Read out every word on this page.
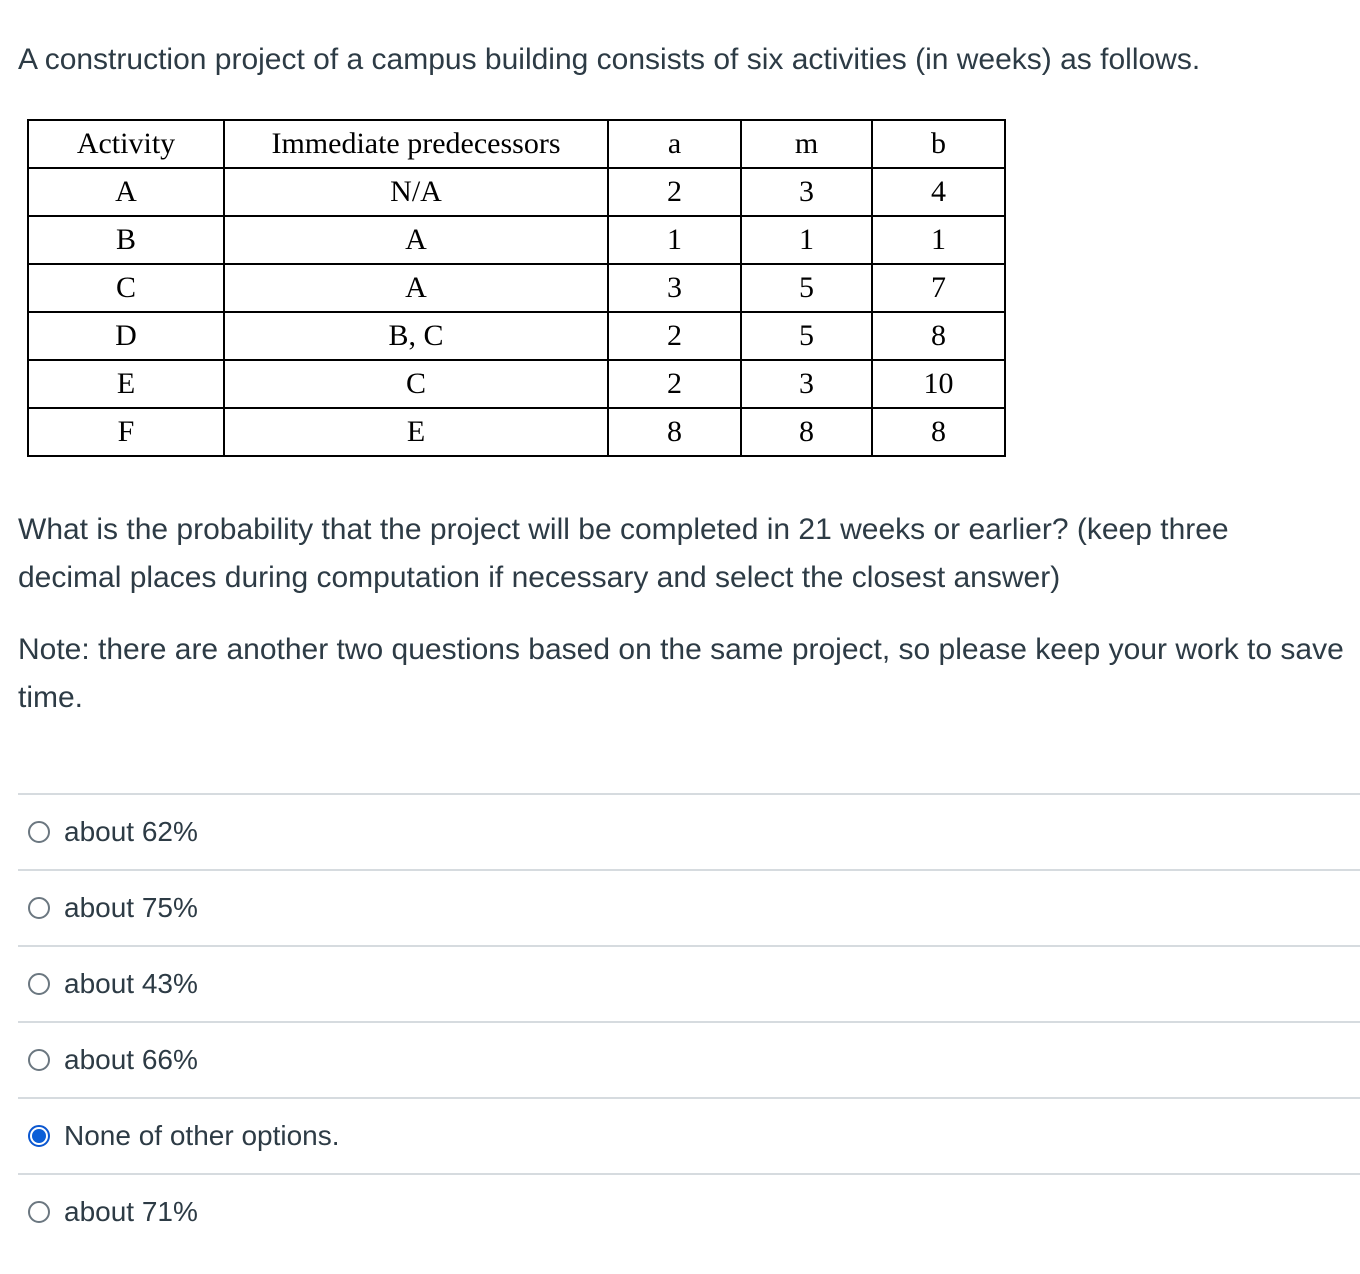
A construction project of a campus building consists of six activities (in weeks) as follows.

Activity	Immediate predecessors	a	m	b
A	N/A	2	3	4
B	A	1	1	1
C	A	3	5	7
D	B, C	2	5	8
E	C	2	3	10
F	E	8	8	8

What is the probability that the project will be completed in 21 weeks or earlier? (keep three decimal places during computation if necessary and select the closest answer)

Note: there are another two questions based on the same project, so please keep your work to save time.

about 62%
about 75%
about 43%
about 66%
None of other options.
about 71%
